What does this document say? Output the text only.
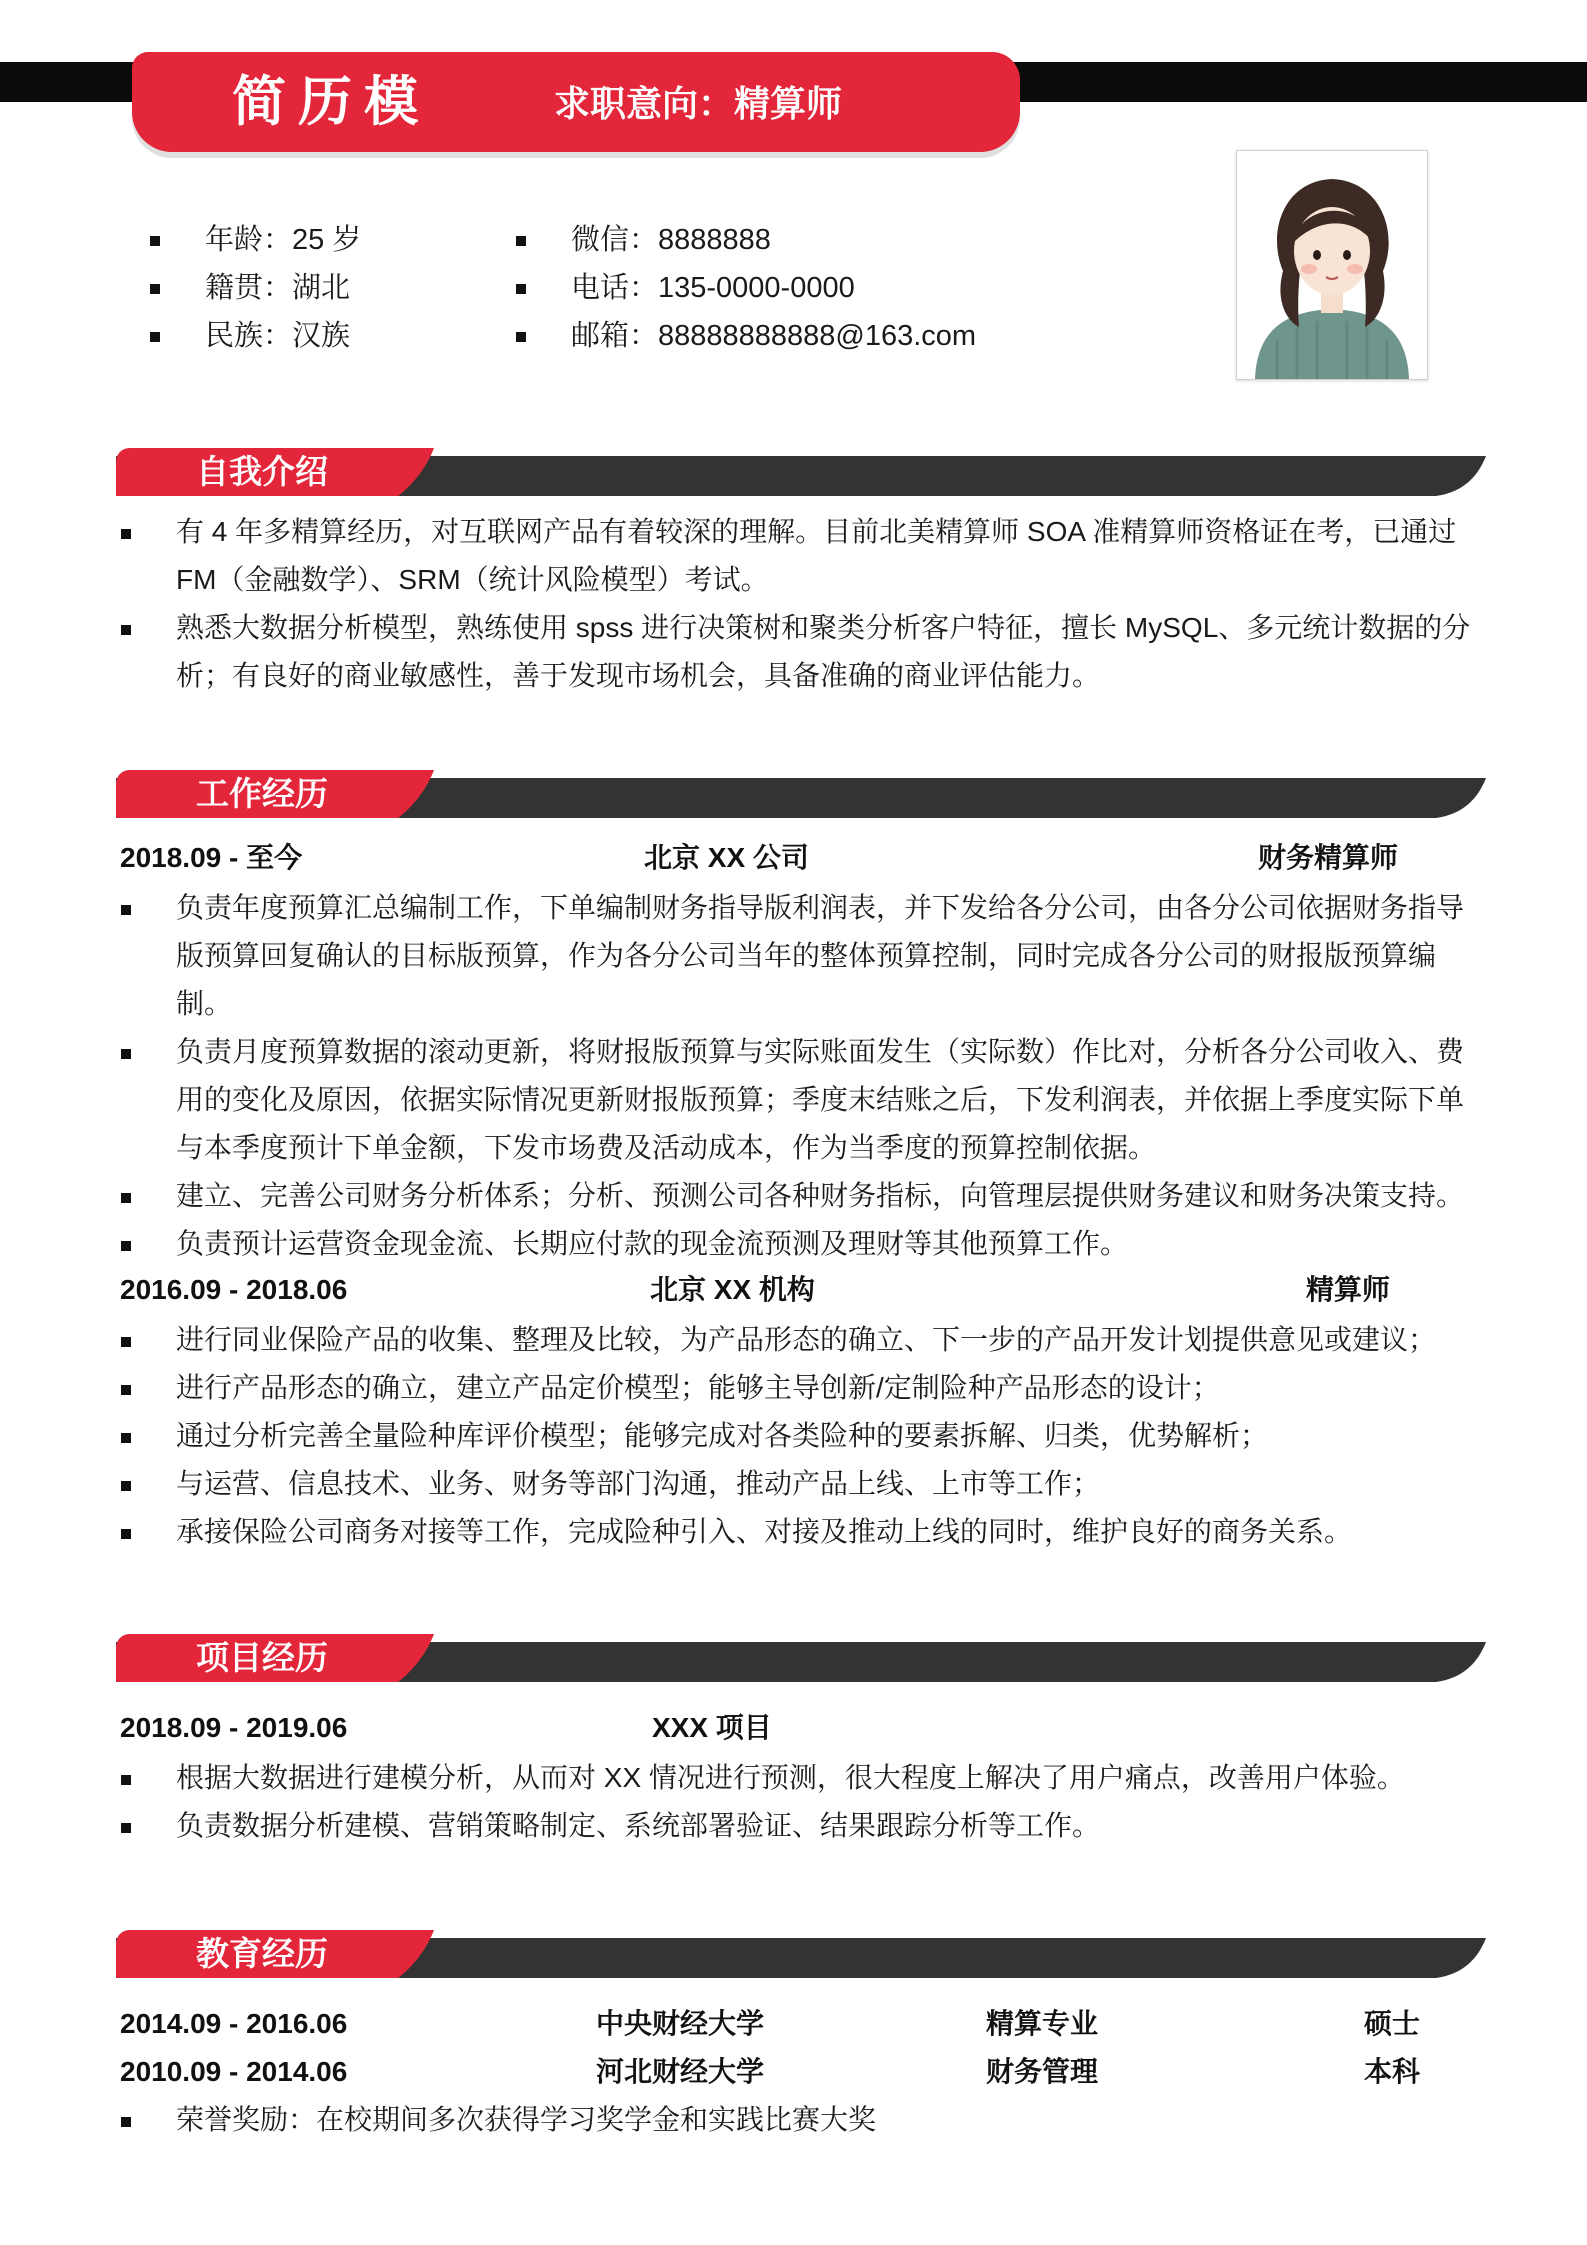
简历模	求职意向：精算师
年龄：25 岁
籍贯：湖北
民族：汉族
微信：8888888
电话：135-0000-0000
邮箱：88888888888@163.com
自我介绍
有 4 年多精算经历，对互联网产品有着较深的理解。目前北美精算师 SOA 准精算师资格证在考，已通过 FM（金融数学）、SRM（统计风险模型）考试。
熟悉大数据分析模型，熟练使用 spss 进行决策树和聚类分析客户特征，擅长 MySQL、多元统计数据的分析；有良好的商业敏感性，善于发现市场机会，具备准确的商业评估能力。
工作经历
2018.09 - 至今	北京 XX 公司	财务精算师
负责年度预算汇总编制工作，下单编制财务指导版利润表，并下发给各分公司，由各分公司依据财务指导版预算回复确认的目标版预算，作为各分公司当年的整体预算控制，同时完成各分公司的财报版预算编制。
负责月度预算数据的滚动更新，将财报版预算与实际账面发生（实际数）作比对，分析各分公司收入、费用的变化及原因，依据实际情况更新财报版预算；季度末结账之后，下发利润表，并依据上季度实际下单与本季度预计下单金额，下发市场费及活动成本，作为当季度的预算控制依据。
建立、完善公司财务分析体系；分析、预测公司各种财务指标，向管理层提供财务建议和财务决策支持。
负责预计运营资金现金流、长期应付款的现金流预测及理财等其他预算工作。
2016.09 - 2018.06	北京 XX 机构	精算师
进行同业保险产品的收集、整理及比较，为产品形态的确立、下一步的产品开发计划提供意见或建议；
进行产品形态的确立，建立产品定价模型；能够主导创新/定制险种产品形态的设计；
通过分析完善全量险种库评价模型；能够完成对各类险种的要素拆解、归类，优势解析；
与运营、信息技术、业务、财务等部门沟通，推动产品上线、上市等工作；
承接保险公司商务对接等工作，完成险种引入、对接及推动上线的同时，维护良好的商务关系。
项目经历
2018.09 - 2019.06	XXX 项目
根据大数据进行建模分析，从而对 XX 情况进行预测，很大程度上解决了用户痛点，改善用户体验。
负责数据分析建模、营销策略制定、系统部署验证、结果跟踪分析等工作。
教育经历
2014.09 - 2016.06	中央财经大学	精算专业	硕士
2010.09 - 2014.06	河北财经大学	财务管理	本科
荣誉奖励：在校期间多次获得学习奖学金和实践比赛大奖
